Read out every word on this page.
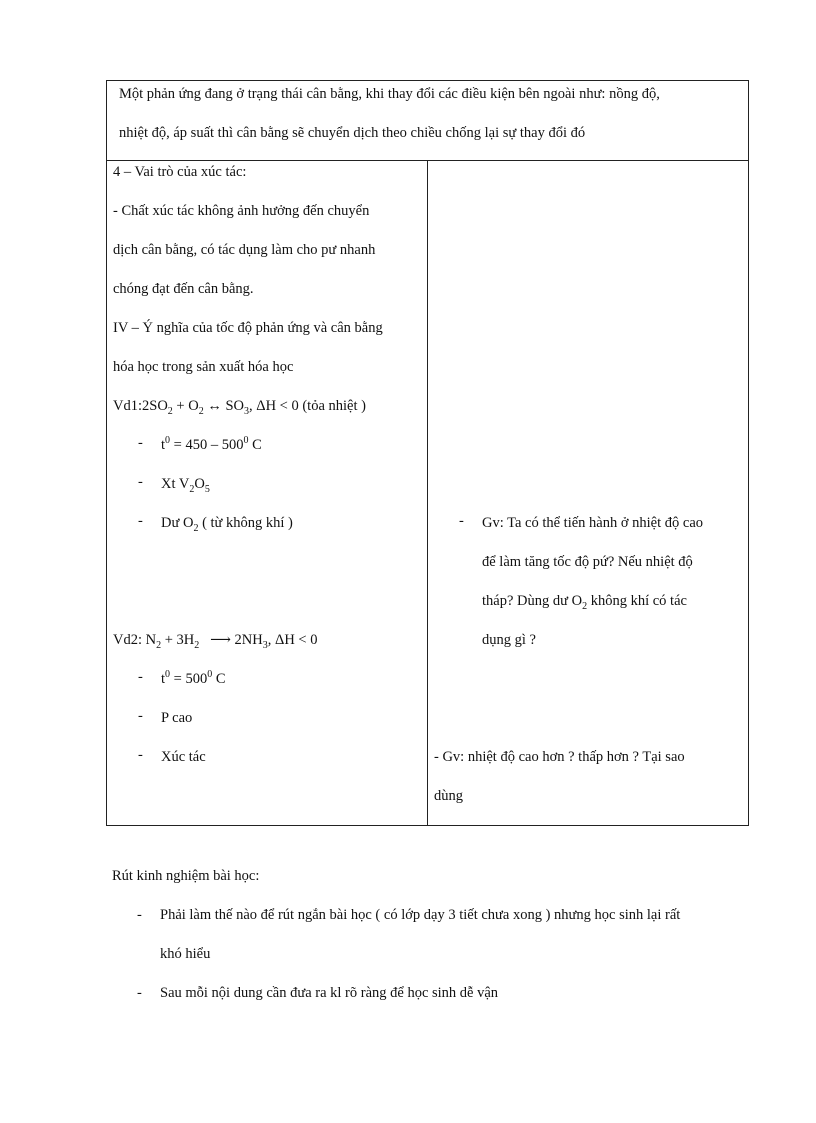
Một phản ứng đang ở trạng thái cân bằng, khi thay đổi các điều kiện bên ngoài như: nồng độ,
nhiệt độ, áp suất thì cân bằng sẽ chuyển dịch theo chiều chống lại sự thay đổi đó
4 – Vai trò của xúc tác:
- Chất xúc tác không ảnh hưởng đến chuyển
dịch cân bằng, có tác dụng làm cho pư nhanh
chóng đạt đến cân bằng.
IV – Ý nghĩa của tốc độ phản ứng và cân bằng
hóa học trong sản xuất hóa học
$Vd1:2SO_2 + O_2$ ↔ $SO_3$, ΔH < 0 (tỏa nhiệt )
- $t^0 = 450 - 500^0$ C
- Xt $V_2O_5$
- Dư $O_2$ ( từ không khí )
Vd2: $N_2 + 3H_2$   ⟶ $2NH_3$, ΔH < 0
- $t^0 = 500^0$ C
- P cao
- Xúc tác
- Gv: Ta có thể tiến hành ở nhiệt độ cao
để làm tăng tốc độ pứ? Nếu nhiệt độ
tháp? Dùng dư $O_2$ không khí có tác
dụng gì ?
- Gv: nhiệt độ cao hơn ? thấp hơn ? Tại sao
dùng
Rút kinh nghiệm bài học:
- Phải làm thế nào để rút ngắn bài học ( có lớp dạy 3 tiết chưa xong ) nhưng học sinh lại rất
khó hiểu
- Sau mỗi nội dung cần đưa ra kl rõ ràng để học sinh dễ vận
